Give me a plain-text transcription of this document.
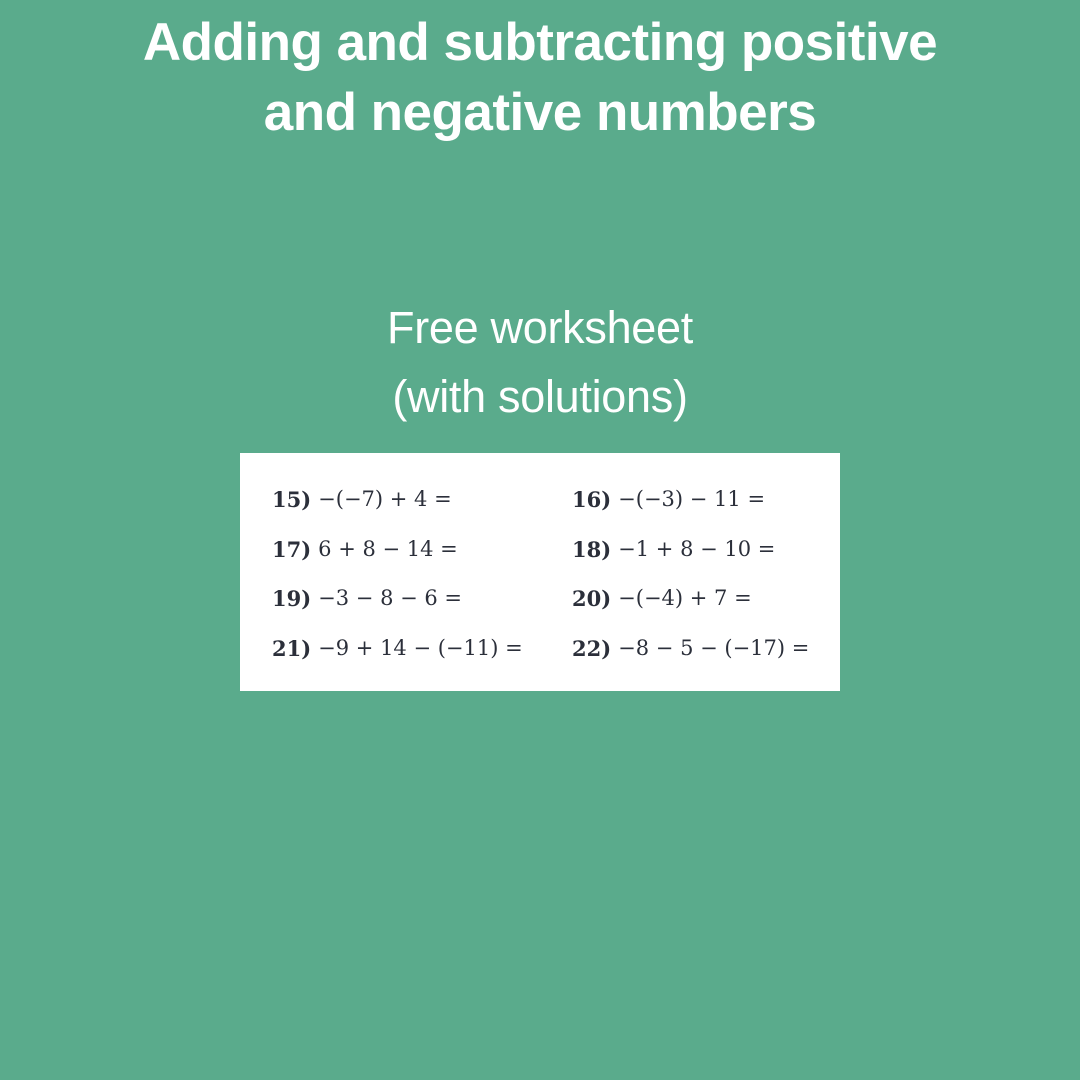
Adding and subtracting positive and negative numbers
Free worksheet
(with solutions)
15) −(−7) + 4 =	16) −(−3) − 11 =
17) 6 + 8 − 14 =	18) −1 + 8 − 10 =
19) −3 − 8 − 6 =	20) −(−4) + 7 =
21) −9 + 14 − (−11) = 22) −8 − 5 − (−17) =
